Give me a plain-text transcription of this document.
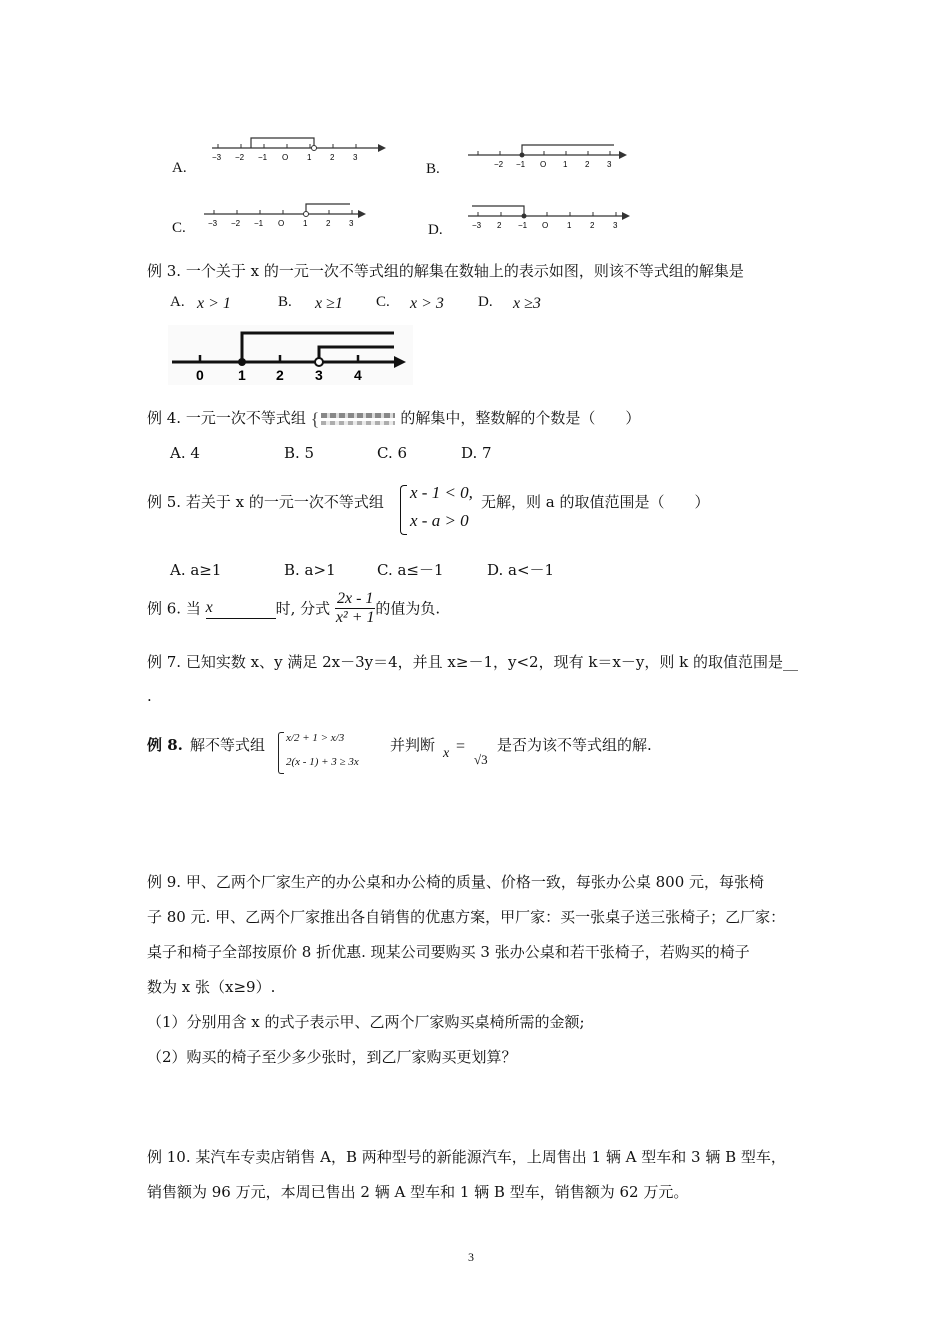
A.
−3 −2 −1 O 1 2 3
B.	−2 −1 O 1 2 3
C.	−3 −2 −1 O 1 2 3	D.	−3 2 −1 O 1 2 3
例 3. 一个关于 x 的一元一次不等式组的解集在数轴上的表示如图，则该不等式组的解集是
A. x > 1	B. x ≥1 C. x > 3 D. x ≥3
0 1 2 3 4
例 4. 一元一次不等式组 {	的解集中，整数解的个数是（　　）
A. 4	B. 5	C. 6	D. 7
例 5. 若关于 x 的一元一次不等式组 x - 1 < 0,
x - a > 0
无解，则 a 的取值范围是（　　）
A. a≥1	B. a>1	C. a≤－1	D. a<－1
例 6. 当 x	时, 分式 $\frac{2x - 1}{\text{x² + 1}}$ 的值为负.
例 7. 已知实数 x、y 满足 2x－3y＝4，并且 x≥－1，y<2，现有 k＝x－y，则 k 的取值范围是__
.
例 8. 解不等式组 x/2 + 1 > x/3
2(x - 1) + 3 ≥ 3x
并判断 x =
√3
是否为该不等式组的解.
例 9. 甲、乙两个厂家生产的办公桌和办公椅的质量、价格一致，每张办公桌 800 元，每张椅
子 80 元. 甲、乙两个厂家推出各自销售的优惠方案，甲厂家：买一张桌子送三张椅子；乙厂家：
桌子和椅子全部按原价 8 折优惠. 现某公司要购买 3 张办公桌和若干张椅子，若购买的椅子
数为 x 张（x≥9）.
（1）分别用含 x 的式子表示甲、乙两个厂家购买桌椅所需的金额;
（2）购买的椅子至少多少张时，到乙厂家购买更划算？
例 10. 某汽车专卖店销售 A，B 两种型号的新能源汽车，上周售出 1 辆 A 型车和 3 辆 B 型车，
销售额为 96 万元，本周已售出 2 辆 A 型车和 1 辆 B 型车，销售额为 62 万元。
3
